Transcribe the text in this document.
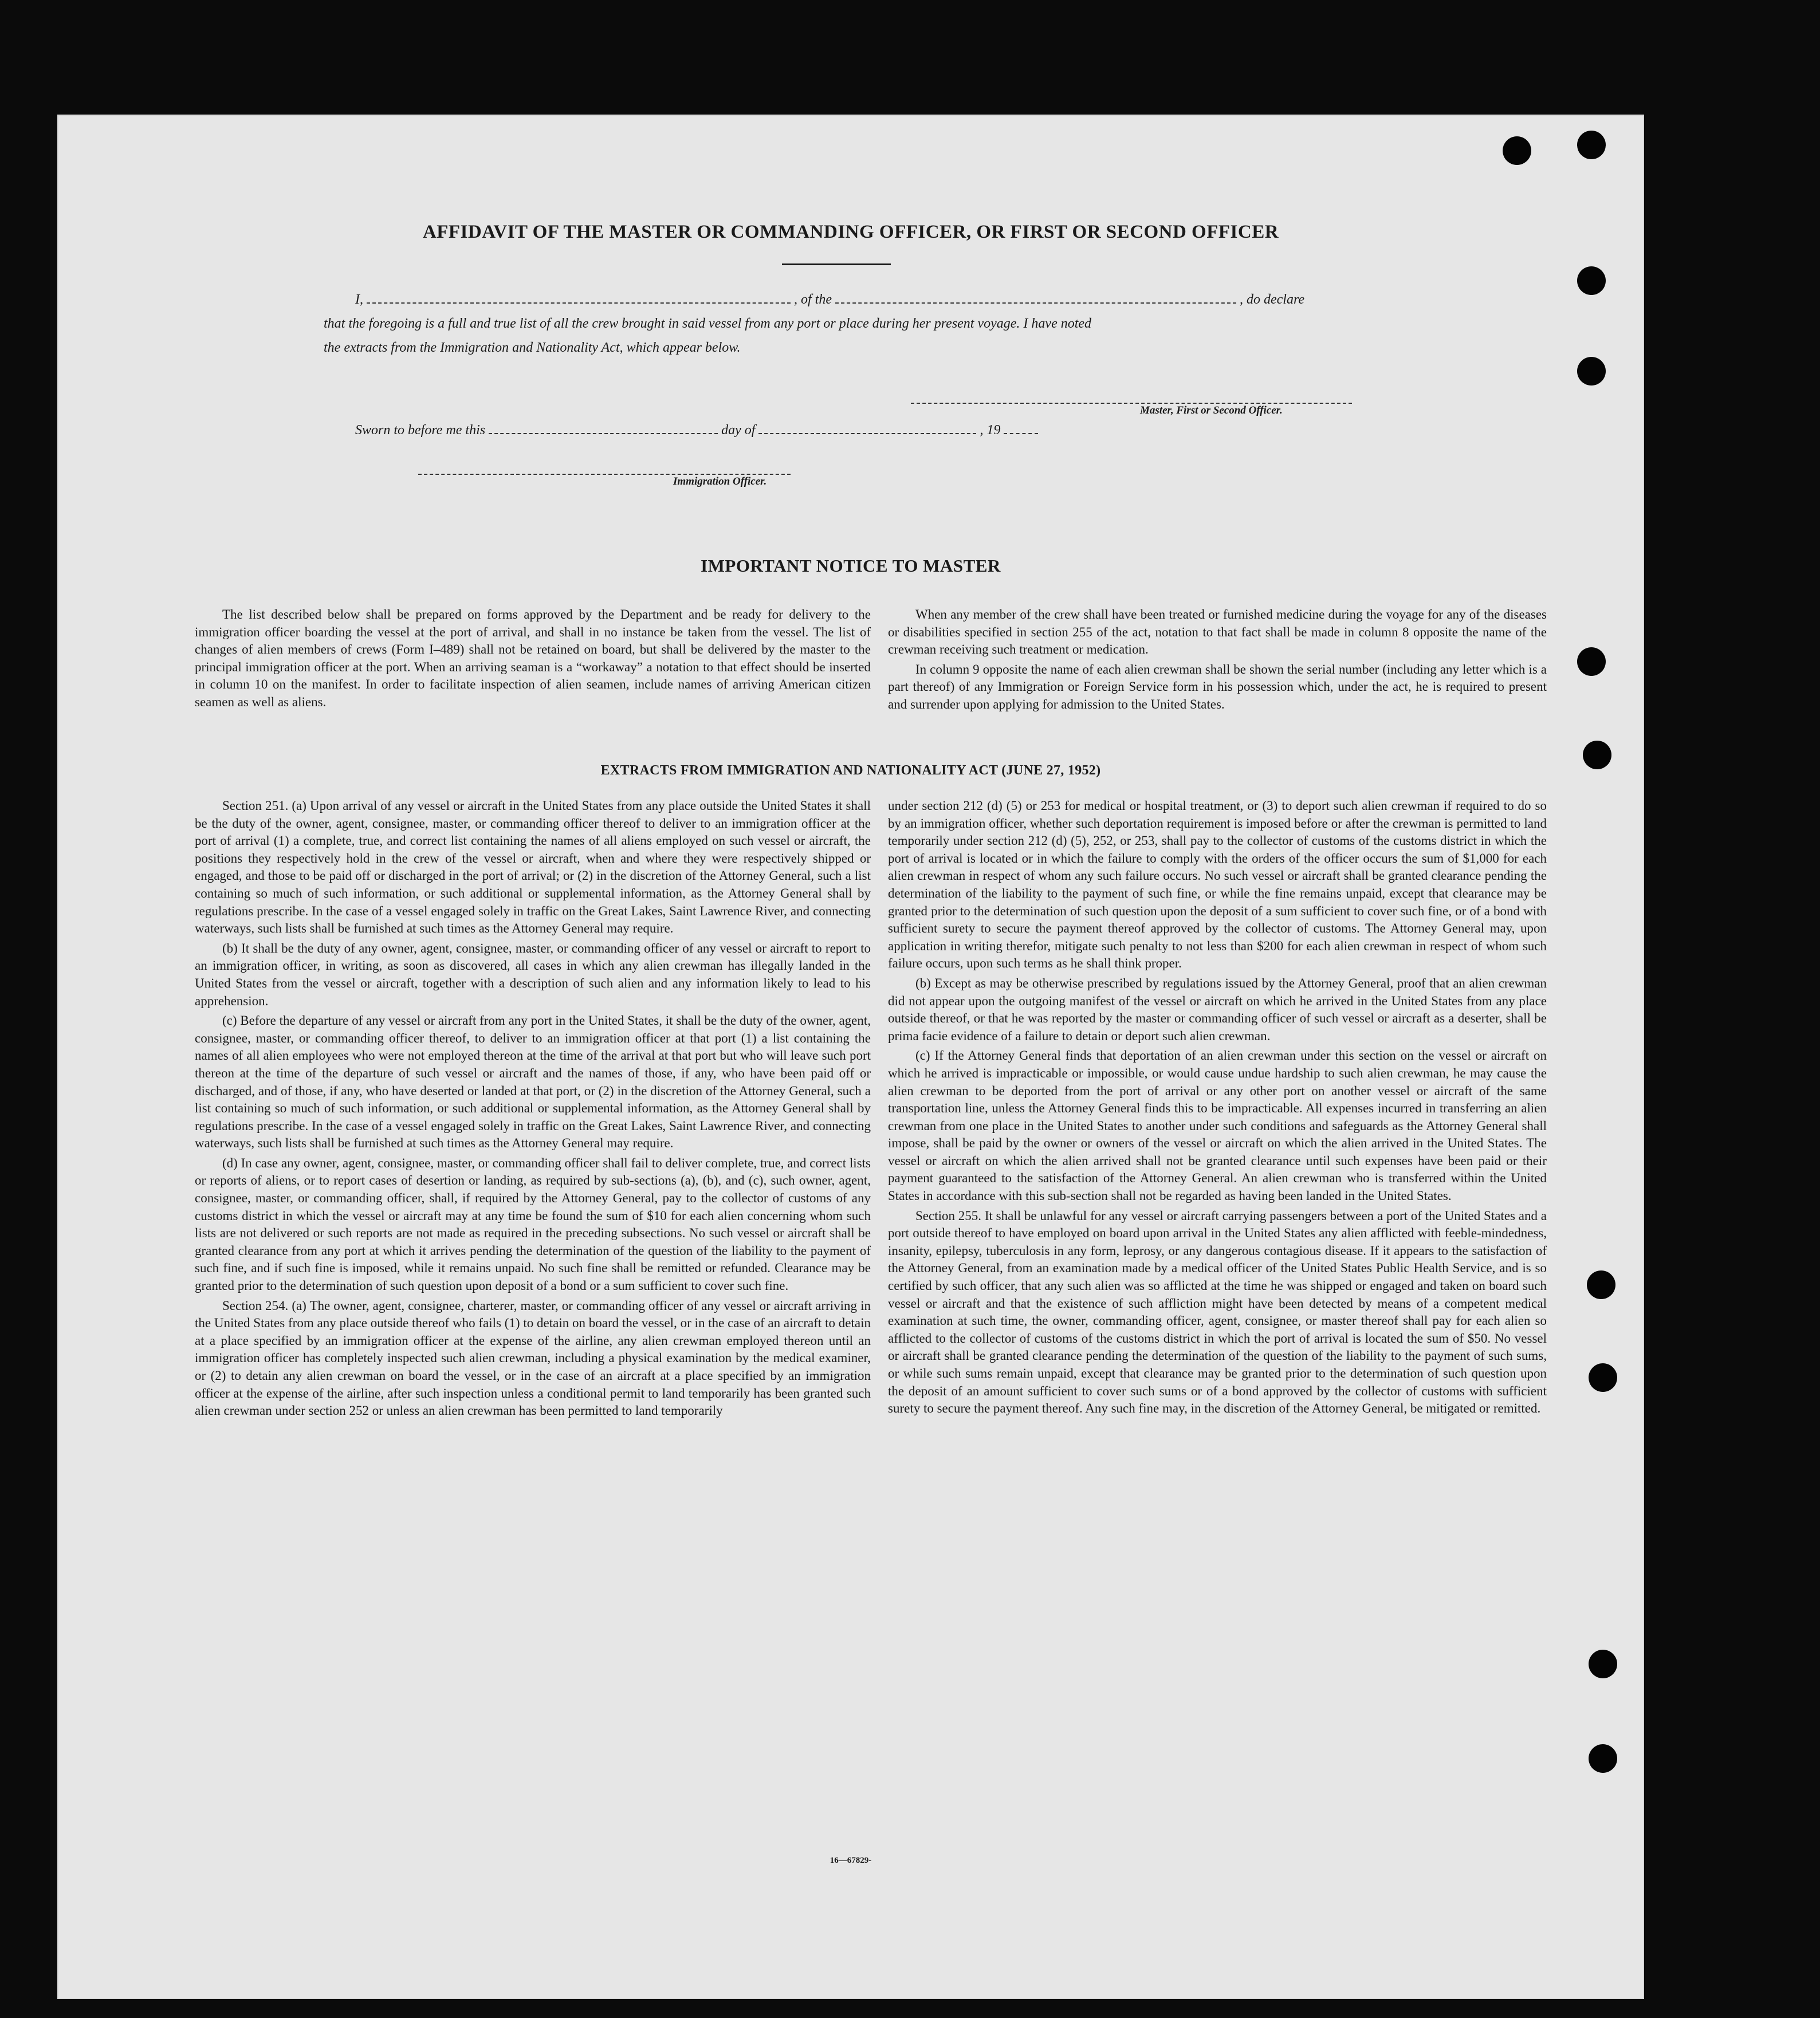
AFFIDAVIT OF THE MASTER OR COMMANDING OFFICER, OR FIRST OR SECOND OFFICER
I,	, of the	, do declare
that the foregoing is a full and true list of all the crew brought in said vessel from any port or place during her present voyage. I have noted
the extracts from the Immigration and Nationality Act, which appear below.
Master, First or Second Officer.
Sworn to before me this	day of	, 19
Immigration Officer.
IMPORTANT NOTICE TO MASTER

The list described below shall be prepared on forms approved by the Department and be ready for delivery to the immigration officer boarding the vessel at the port of arrival, and shall in no instance be taken from the vessel. The list of changes of alien members of crews (Form I–489) shall not be retained on board, but shall be delivered by the master to the principal immigration officer at the port. When an arriving seaman is a “workaway” a notation to that effect should be inserted in column 10 on the manifest. In order to facilitate inspection of alien seamen, include names of arriving American citizen seamen as well as aliens.

When any member of the crew shall have been treated or furnished medicine during the voyage for any of the diseases or disabilities specified in section 255 of the act, notation to that fact shall be made in column 8 opposite the name of the crewman receiving such treatment or medication.

In column 9 opposite the name of each alien crewman shall be shown the serial number (including any letter which is a part thereof) of any Immigration or Foreign Service form in his possession which, under the act, he is required to present and surrender upon applying for admission to the United States.

EXTRACTS FROM IMMIGRATION AND NATIONALITY ACT (JUNE 27, 1952)

Section 251. (a) Upon arrival of any vessel or aircraft in the United States from any place outside the United States it shall be the duty of the owner, agent, consignee, master, or commanding officer thereof to deliver to an immigration officer at the port of arrival (1) a complete, true, and correct list containing the names of all aliens employed on such vessel or aircraft, the positions they respectively hold in the crew of the vessel or aircraft, when and where they were respectively shipped or engaged, and those to be paid off or discharged in the port of arrival; or (2) in the discretion of the Attorney General, such a list containing so much of such information, or such additional or supplemental information, as the Attorney General shall by regulations prescribe. In the case of a vessel engaged solely in traffic on the Great Lakes, Saint Lawrence River, and connecting waterways, such lists shall be furnished at such times as the Attorney General may require.

(b) It shall be the duty of any owner, agent, consignee, master, or commanding officer of any vessel or aircraft to report to an immigration officer, in writing, as soon as discovered, all cases in which any alien crewman has illegally landed in the United States from the vessel or aircraft, together with a description of such alien and any information likely to lead to his apprehension.

(c) Before the departure of any vessel or aircraft from any port in the United States, it shall be the duty of the owner, agent, consignee, master, or commanding officer thereof, to deliver to an immigration officer at that port (1) a list containing the names of all alien employees who were not employed thereon at the time of the arrival at that port but who will leave such port thereon at the time of the departure of such vessel or aircraft and the names of those, if any, who have been paid off or discharged, and of those, if any, who have deserted or landed at that port, or (2) in the discretion of the Attorney General, such a list containing so much of such information, or such additional or supplemental information, as the Attorney General shall by regulations prescribe. In the case of a vessel engaged solely in traffic on the Great Lakes, Saint Lawrence River, and connecting waterways, such lists shall be furnished at such times as the Attorney General may require.

(d) In case any owner, agent, consignee, master, or commanding officer shall fail to deliver complete, true, and correct lists or reports of aliens, or to report cases of desertion or landing, as required by sub-sections (a), (b), and (c), such owner, agent, consignee, master, or commanding officer, shall, if required by the Attorney General, pay to the collector of customs of any customs district in which the vessel or aircraft may at any time be found the sum of $10 for each alien concerning whom such lists are not delivered or such reports are not made as required in the preceding subsections. No such vessel or aircraft shall be granted clearance from any port at which it arrives pending the determination of the question of the liability to the payment of such fine, and if such fine is imposed, while it remains unpaid. No such fine shall be remitted or refunded. Clearance may be granted prior to the determination of such question upon deposit of a bond or a sum sufficient to cover such fine.

Section 254. (a) The owner, agent, consignee, charterer, master, or commanding officer of any vessel or aircraft arriving in the United States from any place outside thereof who fails (1) to detain on board the vessel, or in the case of an aircraft to detain at a place specified by an immigration officer at the expense of the airline, any alien crewman employed thereon until an immigration officer has completely inspected such alien crewman, including a physical examination by the medical examiner, or (2) to detain any alien crewman on board the vessel, or in the case of an aircraft at a place specified by an immigration officer at the expense of the airline, after such inspection unless a conditional permit to land temporarily has been granted such alien crewman under section 252 or unless an alien crewman has been permitted to land temporarily

under section 212 (d) (5) or 253 for medical or hospital treatment, or (3) to deport such alien crewman if required to do so by an immigration officer, whether such deportation requirement is imposed before or after the crewman is permitted to land temporarily under section 212 (d) (5), 252, or 253, shall pay to the collector of customs of the customs district in which the port of arrival is located or in which the failure to comply with the orders of the officer occurs the sum of $1,000 for each alien crewman in respect of whom any such failure occurs. No such vessel or aircraft shall be granted clearance pending the determination of the liability to the payment of such fine, or while the fine remains unpaid, except that clearance may be granted prior to the determination of such question upon the deposit of a sum sufficient to cover such fine, or of a bond with sufficient surety to secure the payment thereof approved by the collector of customs. The Attorney General may, upon application in writing therefor, mitigate such penalty to not less than $200 for each alien crewman in respect of whom such failure occurs, upon such terms as he shall think proper.

(b) Except as may be otherwise prescribed by regulations issued by the Attorney General, proof that an alien crewman did not appear upon the outgoing manifest of the vessel or aircraft on which he arrived in the United States from any place outside thereof, or that he was reported by the master or commanding officer of such vessel or aircraft as a deserter, shall be prima facie evidence of a failure to detain or deport such alien crewman.

(c) If the Attorney General finds that deportation of an alien crewman under this section on the vessel or aircraft on which he arrived is impracticable or impossible, or would cause undue hardship to such alien crewman, he may cause the alien crewman to be deported from the port of arrival or any other port on another vessel or aircraft of the same transportation line, unless the Attorney General finds this to be impracticable. All expenses incurred in transferring an alien crewman from one place in the United States to another under such conditions and safeguards as the Attorney General shall impose, shall be paid by the owner or owners of the vessel or aircraft on which the alien arrived in the United States. The vessel or aircraft on which the alien arrived shall not be granted clearance until such expenses have been paid or their payment guaranteed to the satisfaction of the Attorney General. An alien crewman who is transferred within the United States in accordance with this sub-section shall not be regarded as having been landed in the United States.

Section 255. It shall be unlawful for any vessel or aircraft carrying passengers between a port of the United States and a port outside thereof to have employed on board upon arrival in the United States any alien afflicted with feeble-mindedness, insanity, epilepsy, tuberculosis in any form, leprosy, or any dangerous contagious disease. If it appears to the satisfaction of the Attorney General, from an examination made by a medical officer of the United States Public Health Service, and is so certified by such officer, that any such alien was so afflicted at the time he was shipped or engaged and taken on board such vessel or aircraft and that the existence of such affliction might have been detected by means of a competent medical examination at such time, the owner, commanding officer, agent, consignee, or master thereof shall pay for each alien so afflicted to the collector of customs of the customs district in which the port of arrival is located the sum of $50. No vessel or aircraft shall be granted clearance pending the determination of the question of the liability to the payment of such sums, or while such sums remain unpaid, except that clearance may be granted prior to the determination of such question upon the deposit of an amount sufficient to cover such sums or of a bond approved by the collector of customs with sufficient surety to secure the payment thereof. Any such fine may, in the discretion of the Attorney General, be mitigated or remitted.

16—67829-
